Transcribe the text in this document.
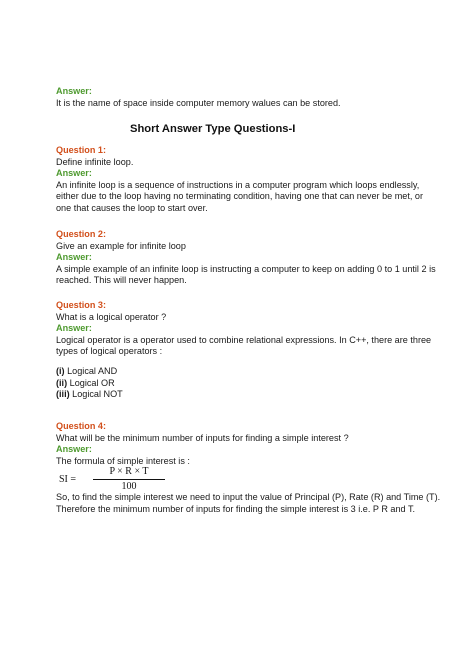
Answer:
It is the name of space inside computer memory walues can be stored.
Short Answer Type Questions-I
Question 1:
Define infinite loop.
Answer:
An infinite loop is a sequence of instructions in a computer program which loops endlessly,
either due to the loop having no terminating condition, having one that can never be met, or
one that causes the loop to start over.
Question 2:
Give an example for infinite loop
Answer:
A simple example of an infinite loop is instructing a computer to keep on adding 0 to 1 until 2 is
reached. This will never happen.
Question 3:
What is a logical operator ?
Answer:
Logical operator is a operator used to combine relational expressions. In C++, there are three
types of logical operators :
(i) Logical AND
(ii) Logical OR
(iii) Logical NOT
Question 4:
What will be the minimum number of inputs for finding a simple interest ?
Answer:
The formula of simple interest is :
SI =
P × R × T
100
So, to find the simple interest we need to input the value of Principal (P), Rate (R) and Time (T).
Therefore the minimum number of inputs for finding the simple interest is 3 i.e. P R and T.
